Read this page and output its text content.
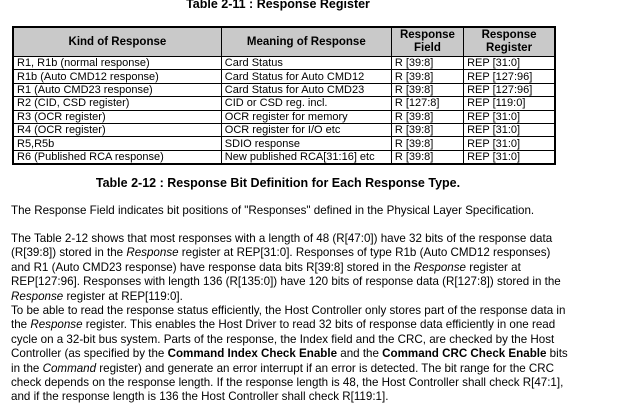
Table 2-11 : Response Register
Kind of Response	Meaning of Response	Response Field	Response Register
R1, R1b (normal response)	Card Status	R [39:8]	REP [31:0]
R1b (Auto CMD12 response)	Card Status for Auto CMD12	R [39:8]	REP [127:96]
R1 (Auto CMD23 response)	Card Status for Auto CMD23	R [39:8]	REP [127:96]
R2 (CID, CSD register)	CID or CSD reg. incl.	R [127:8]	REP [119:0]
R3 (OCR register)	OCR register for memory	R [39:8]	REP [31:0]
R4 (OCR register)	OCR register for I/O etc	R [39:8]	REP [31:0]
R5,R5b	SDIO response	R [39:8]	REP [31:0]
R6 (Published RCA response)	New published RCA[31:16] etc	R [39:8]	REP [31:0]
Table 2-12 : Response Bit Definition for Each Response Type.
The Response Field indicates bit positions of "Responses" defined in the Physical Layer Specification.
The Table 2-12 shows that most responses with a length of 48 (R[47:0]) have 32 bits of the response data (R[39:8]) stored in the Response register at REP[31:0]. Responses of type R1b (Auto CMD12 responses) and R1 (Auto CMD23 response) have response data bits R[39:8] stored in the Response register at REP[127:96]. Responses with length 136 (R[135:0]) have 120 bits of response data (R[127:8]) stored in the Response register at REP[119:0].
To be able to read the response status efficiently, the Host Controller only stores part of the response data in the Response register. This enables the Host Driver to read 32 bits of response data efficiently in one read cycle on a 32-bit bus system. Parts of the response, the Index field and the CRC, are checked by the Host Controller (as specified by the Command Index Check Enable and the Command CRC Check Enable bits in the Command register) and generate an error interrupt if an error is detected. The bit range for the CRC check depends on the response length. If the response length is 48, the Host Controller shall check R[47:1], and if the response length is 136 the Host Controller shall check R[119:1].
